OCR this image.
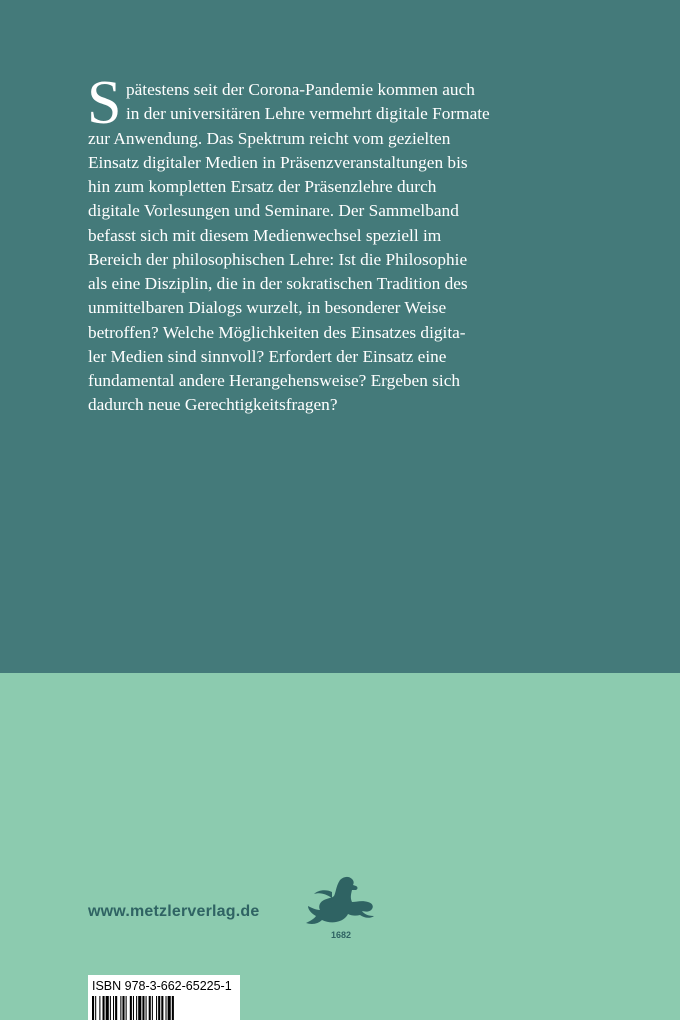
S pätestens seit der Corona-Pandemie kommen auch
in der universitären Lehre vermehrt digitale Formate
zur Anwendung. Das Spektrum reicht vom gezielten
Einsatz digitaler Medien in Präsenzveranstaltungen bis
hin zum kompletten Ersatz der Präsenzlehre durch
digitale Vorlesungen und Seminare. Der Sammelband
befasst sich mit diesem Medienwechsel speziell im
Bereich der philosophischen Lehre: Ist die Philosophie
als eine Disziplin, die in der sokratischen Tradition des
unmittelbaren Dialogs wurzelt, in besonderer Weise
betroffen? Welche Möglichkeiten des Einsatzes digita-
ler Medien sind sinnvoll? Erfordert der Einsatz eine
fundamental andere Herangehensweise? Ergeben sich
dadurch neue Gerechtigkeitsfragen?
www.metzlerverlag.de
1682
ISBN 978-3-662-65225-1
